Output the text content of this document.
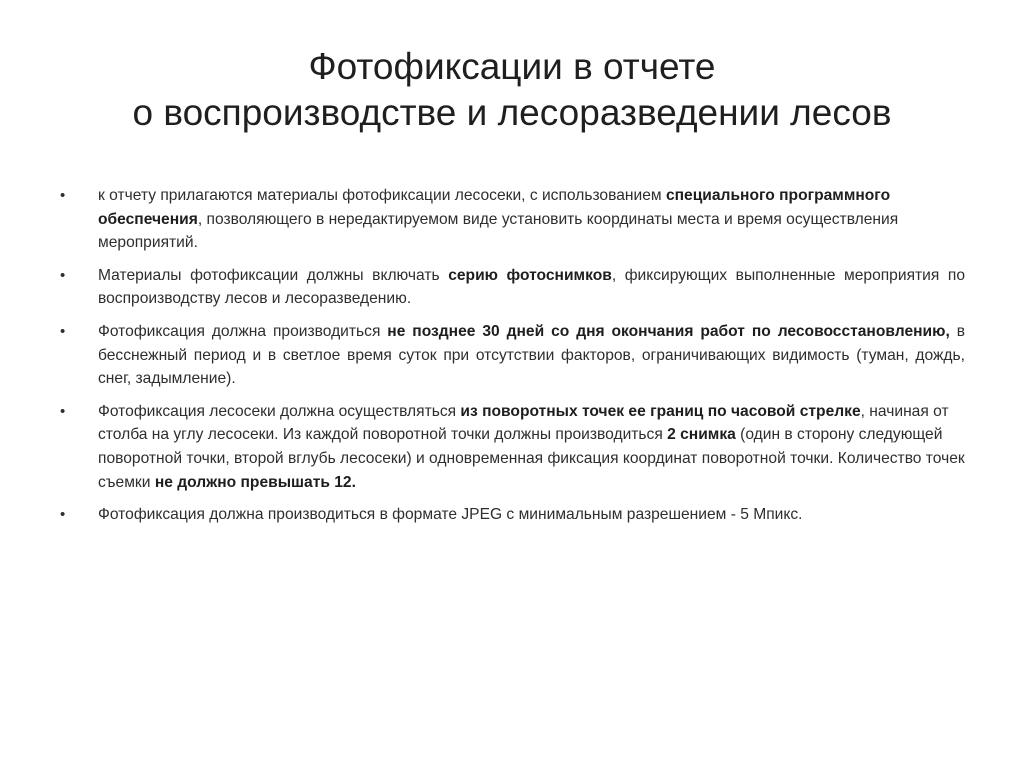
Фотофиксации в отчете
о воспроизводстве и лесоразведении лесов
•	к отчету прилагаются материалы фотофиксации лесосеки, с использованием специального программного обеспечения, позволяющего в нередактируемом виде установить координаты места и время осуществления мероприятий.
•	Материалы фотофиксации должны включать серию фотоснимков, фиксирующих выполненные мероприятия по воспроизводству лесов и лесоразведению.
•	Фотофиксация должна производиться не позднее 30 дней со дня окончания работ по лесовосстановлению, в бесснежный период и в светлое время суток при отсутствии факторов, ограничивающих видимость (туман, дождь, снег, задымление).
•	Фотофиксация лесосеки должна осуществляться из поворотных точек ее границ по часовой стрелке, начиная от столба на углу лесосеки. Из каждой поворотной точки должны производиться 2 снимка (один в сторону следующей поворотной точки, второй вглубь лесосеки) и одновременная фиксация координат поворотной точки. Количество точек съемки не должно превышать 12.
•	Фотофиксация должна производиться в формате JPEG с минимальным разрешением - 5 Мпикс.
